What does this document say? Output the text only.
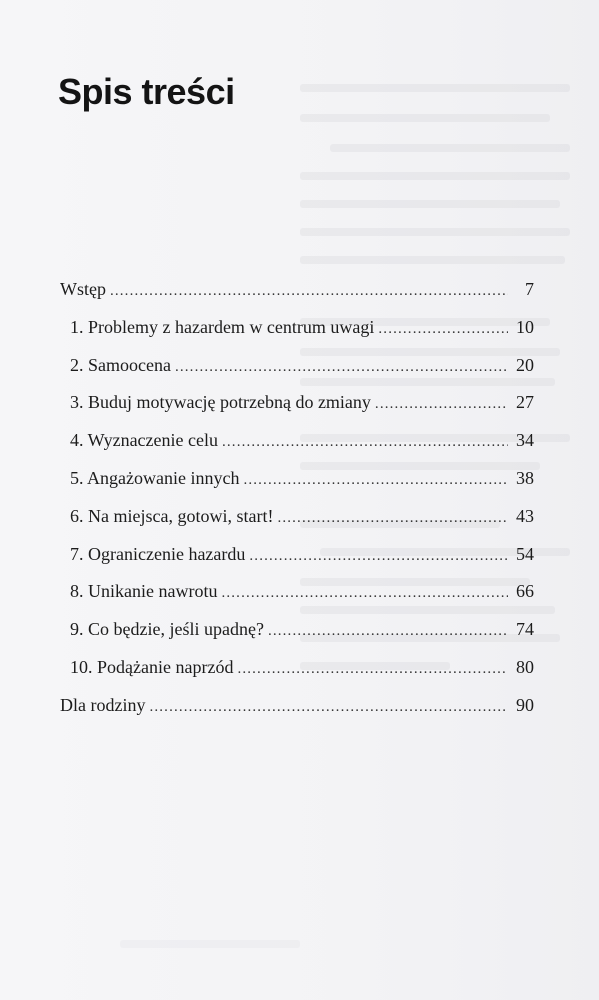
Spis treści
Wstęp . . .	7
1. Problemy z hazardem w centrum uwagi . . .	10
2. Samoocena . . .	20
3. Buduj motywację potrzebną do zmiany . . .	27
4. Wyznaczenie celu . . .	34
5. Angażowanie innych . . .	38
6. Na miejsca, gotowi, start! . . .	43
7. Ograniczenie hazardu . . .	54
8. Unikanie nawrotu . . .	66
9. Co będzie, jeśli upadnę? . . .	74
10. Podążanie naprzód . . .	80
Dla rodziny . . .	90
